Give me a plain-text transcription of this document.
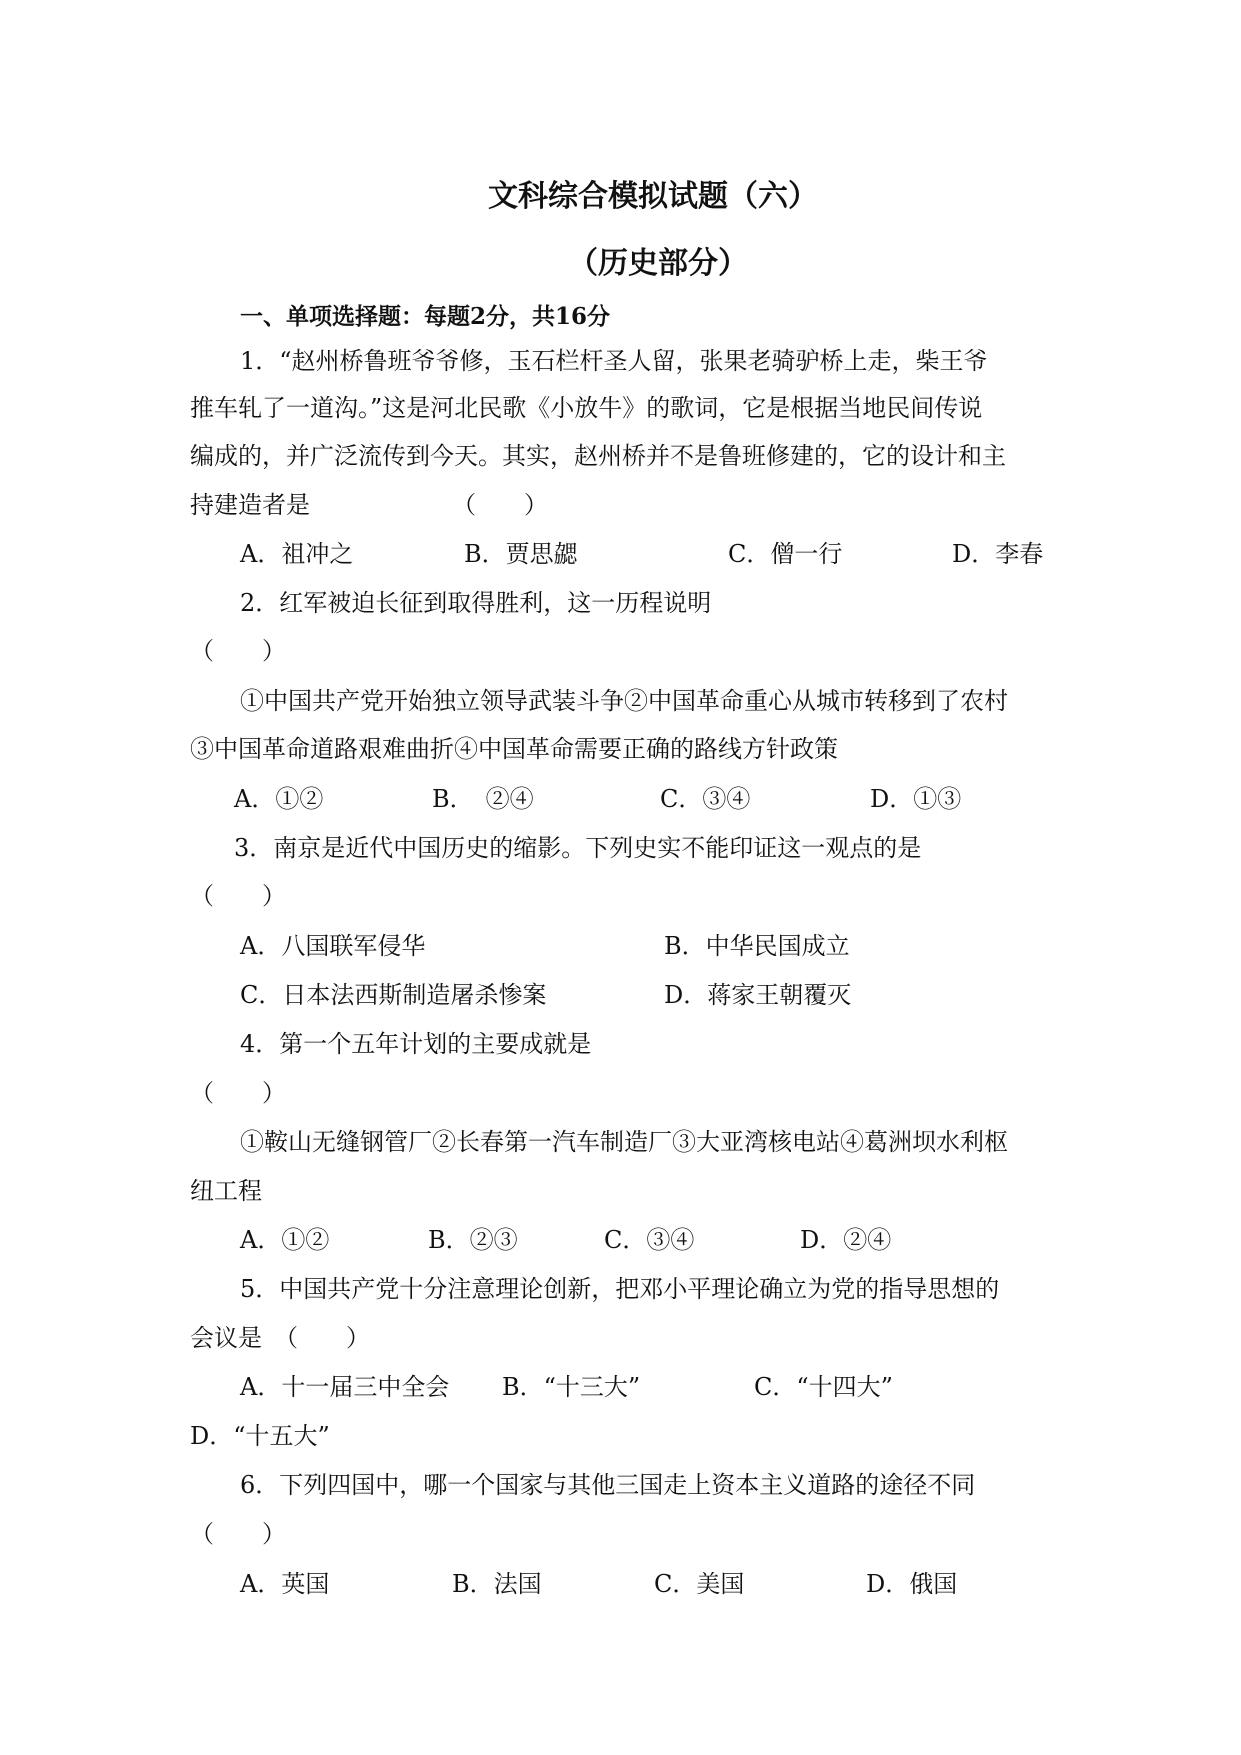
文科综合模拟试题（六）
（历史部分）
一、单项选择题：每题2分，共16分
1．“赵州桥鲁班爷爷修，玉石栏杆圣人留，张果老骑驴桥上走，柴王爷
推车轧了一道沟。”这是河北民歌《小放牛》的歌词，它是根据当地民间传说
编成的，并广泛流传到今天。其实，赵州桥并不是鲁班修建的，它的设计和主
持建造者是	（　　）
A．祖冲之	B．贾思勰	C．僧一行	D．李春
2．红军被迫长征到取得胜利，这一历程说明
（　　）
①中国共产党开始独立领导武装斗争②中国革命重心从城市转移到了农村
③中国革命道路艰难曲折④中国革命需要正确的路线方针政策
A．①②	B．　②④	C．③④	D．①③
3．南京是近代中国历史的缩影。下列史实不能印证这一观点的是
（　　）
A．八国联军侵华	B．中华民国成立
C．日本法西斯制造屠杀惨案	D．蒋家王朝覆灭
4．第一个五年计划的主要成就是
（　　）
①鞍山无缝钢管厂②长春第一汽车制造厂③大亚湾核电站④葛洲坝水利枢
纽工程
A．①②	B．②③	C．③④	D．②④
5．中国共产党十分注意理论创新，把邓小平理论确立为党的指导思想的
会议是　（　　）
A．十一届三中全会 B．“十三大”	C．“十四大”
D．“十五大”
6．下列四国中，哪一个国家与其他三国走上资本主义道路的途径不同
（　　）
A．英国	B．法国	C．美国	D．俄国
